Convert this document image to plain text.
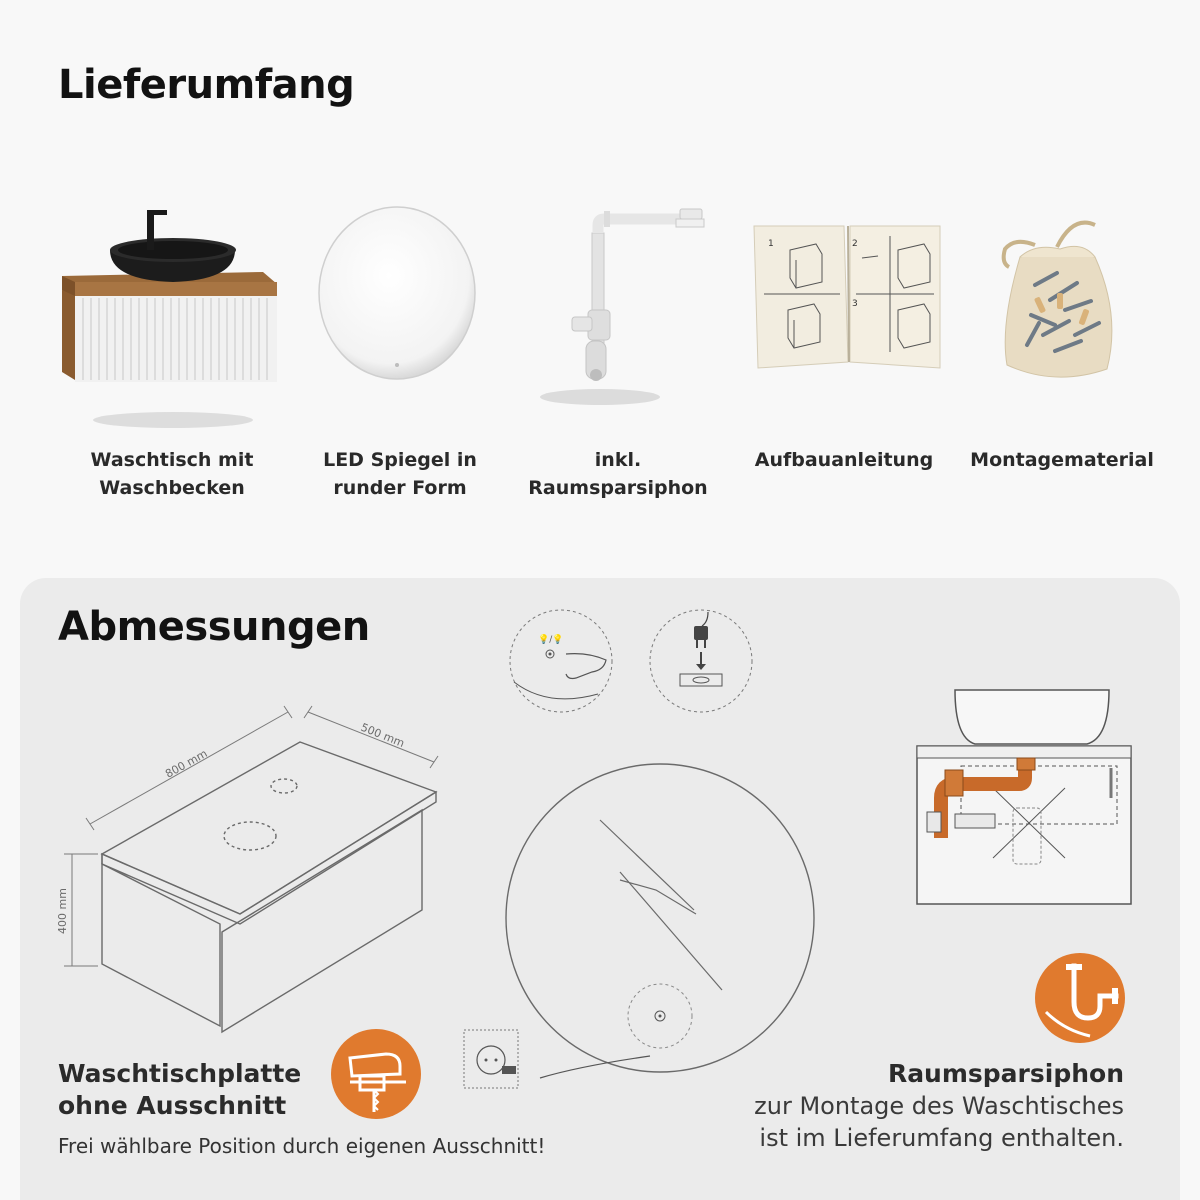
Lieferumfang
Waschtisch mit
Waschbecken
LED Spiegel in
runder Form
inkl. Raumsparsiphon
1	2
3
Aufbauanleitung	Montagematerial
Abmessungen
800 mm
500 mm
400 mm
💡/💡
Waschtischplatte
ohne Ausschnitt
Frei wählbare Position durch eigenen Ausschnitt!
Raumsparsiphon
zur Montage des Waschtisches
ist im Lieferumfang enthalten.
